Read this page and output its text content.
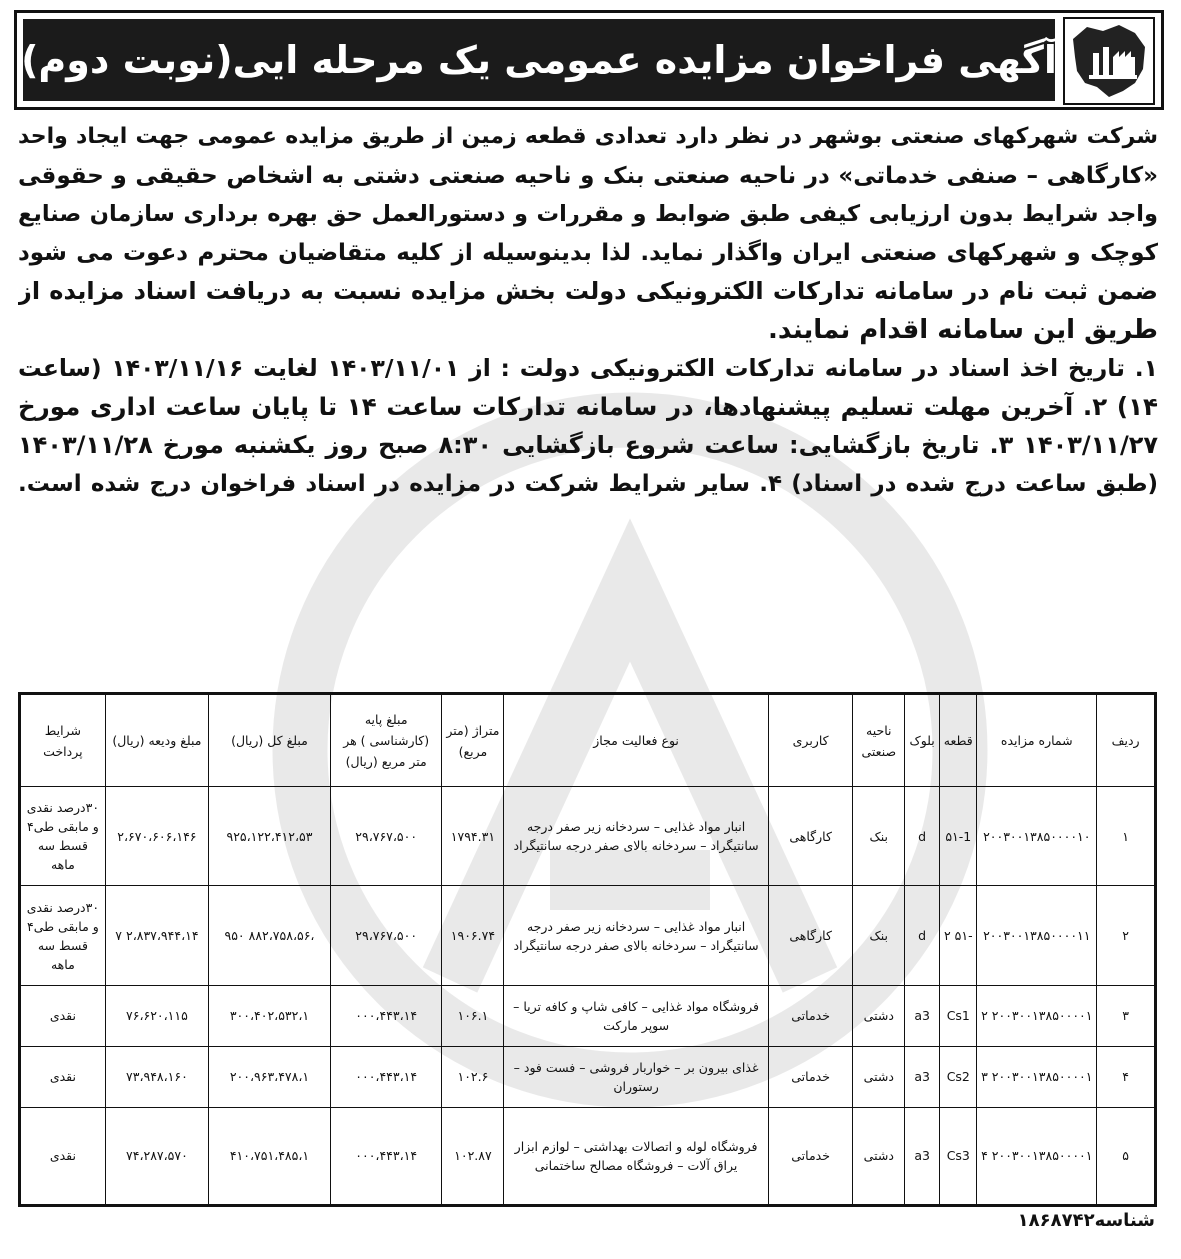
آگهی فراخوان مزایده عمومی یک مرحله ایی(نوبت دوم)
شرکت شهرکهای صنعتی بوشهر در نظر دارد تعدادی قطعه زمین از طریق مزایده عمومی جهت ایجاد واحد
«کارگاهی – صنفی خدماتی» در ناحیه صنعتی بنک و ناحیه صنعتی دشتی به اشخاص حقیقی و حقوقی
واجد شرایط بدون ارزیابی کیفی طبق ضوابط و مقررات و دستورالعمل حق بهره برداری سازمان صنایع
کوچک و شهرکهای صنعتی ایران واگذار نماید. لذا بدینوسیله از کلیه متقاضیان محترم دعوت می شود
ضمن ثبت نام در سامانه تدارکات الکترونیکی دولت بخش مزایده نسبت به دریافت اسناد مزایده از
طریق این سامانه اقدام نمایند.
۱. تاریخ اخذ اسناد در سامانه تدارکات الکترونیکی دولت : از ۱۴۰۳/۱۱/۰۱ لغایت ۱۴۰۳/۱۱/۱۶ (ساعت
۱۴) ۲. آخرین مهلت تسلیم پیشنهادها، در سامانه تدارکات ساعت ۱۴ تا پایان ساعت اداری مورخ
۱۴۰۳/۱۱/۲۷ ۳. تاریخ بازگشایی: ساعت شروع بازگشایی ۸:۳۰ صبح روز یکشنبه مورخ ۱۴۰۳/۱۱/۲۸
(طبق ساعت درج شده در اسناد) ۴. سایر شرایط شرکت در مزایده در اسناد فراخوان درج شده است.
ردیف	شماره مزایده	قطعه	بلوک	ناحیه صنعتی	کاربری	نوع فعالیت مجاز	متراژ (متر مربع)	مبلغ پایه (کارشناسی ) هر متر مربع (ریال)	مبلغ کل (ریال)	مبلغ ودیعه (ریال)	شرایط پرداخت
۱	۲۰۰۳۰۰۱۳۸۵۰۰۰۰۱۰	۵۱-1	d	بنک	کارگاهی	انبار مواد غذایی – سردخانه زیر صفر درجه سانتیگراد – سردخانه بالای صفر درجه سانتیگراد	۱۷۹۴.۳۱	۲۹،۷۶۷،۵۰۰	۹۲۵،۱۲۲،۴۱۲،۵۳	۲،۶۷۰،۶۰۶،۱۴۶	۳۰درصد نقدی و مابقی طی۴ قسط سه ماهه
۲	۲۰۰۳۰۰۱۳۸۵۰۰۰۰۱۱	-۵۱ ۲	d	بنک	کارگاهی	انبار مواد غذایی – سردخانه زیر صفر درجه سانتیگراد – سردخانه بالای صفر درجه سانتیگراد	۱۹۰۶.۷۴	۲۹،۷۶۷،۵۰۰	،۸۸۲،۷۵۸،۵۶ ۹۵۰	۲،۸۳۷،۹۴۴،۱۴ ۷	۳۰درصد نقدی و مابقی طی۴ قسط سه ماهه
۳	۲۰۰۳۰۰۱۳۸۵۰۰۰۰۱ ۲	Cs1	a3	دشتی	خدماتی	فروشگاه مواد غذایی – کافی شاپ و کافه تریا – سوپر مارکت	۱۰۶.۱	۰۰۰،۴۴۳،۱۴	۳۰۰،۴۰۲،۵۳۲،۱	۷۶،۶۲۰،۱۱۵	نقدی
۴	۲۰۰۳۰۰۱۳۸۵۰۰۰۰۱ ۳	Cs2	a3	دشتی	خدماتی	غذای بیرون بر – خواربار فروشی – فست فود – رستوران	۱۰۲.۶	۰۰۰،۴۴۳،۱۴	۲۰۰،۹۶۳،۴۷۸،۱	۷۳،۹۴۸،۱۶۰	نقدی
۵	۲۰۰۳۰۰۱۳۸۵۰۰۰۰۱ ۴	Cs3	a3	دشتی	خدماتی	فروشگاه لوله و اتصالات بهداشتی – لوازم ابزار یراق آلات – فروشگاه مصالح ساختمانی	۱۰۲.۸۷	۰۰۰،۴۴۳،۱۴	۴۱۰،۷۵۱،۴۸۵،۱	۷۴،۲۸۷،۵۷۰	نقدی
شناسه۱۸۶۸۷۴۲
